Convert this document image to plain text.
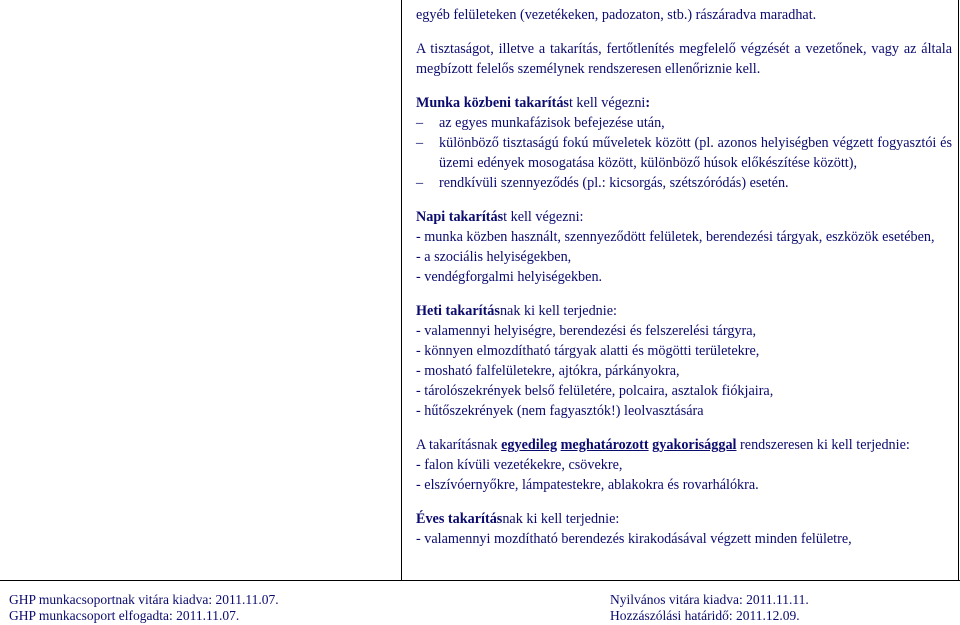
egyéb felületeken (vezetékeken, padozaton, stb.) rászáradva maradhat.

A tisztaságot, illetve a takarítás, fertőtlenítés megfelelő végzését a vezetőnek, vagy az általa megbízott felelős személynek rendszeresen ellenőriznie kell.

Munka közbeni takarítást kell végezni:

–	az egyes munkafázisok befejezése után,
–	különböző tisztaságú fokú műveletek között (pl. azonos helyiségben végzett fogyasztói és üzemi edények mosogatása között, különböző húsok előkészítése között),
–	rendkívüli szennyeződés (pl.: kicsorgás, szétszóródás) esetén.

Napi takarítást kell végezni:

- munka közben használt, szennyeződött felületek, berendezési tárgyak, eszközök esetében,

- a szociális helyiségekben,

- vendégforgalmi helyiségekben.

Heti takarításnak ki kell terjednie:

- valamennyi helyiségre, berendezési és felszerelési tárgyra,

- könnyen elmozdítható tárgyak alatti és mögötti területekre,

- mosható falfelületekre, ajtókra, párkányokra,

- tárolószekrények belső felületére, polcaira, asztalok fiókjaira,

- hűtőszekrények (nem fagyasztók!) leolvasztására

A takarításnak egyedileg meghatározott gyakorisággal rendszeresen ki kell terjednie:

- falon kívüli vezetékekre, csövekre,

- elszívóernyőkre, lámpatestekre, ablakokra és rovarhálókra.

Éves takarításnak ki kell terjednie:

- valamennyi mozdítható berendezés kirakodásával végzett minden felületre,

GHP munkacsoportnak vitára kiadva: 2011.11.07.	Nyilvános vitára kiadva: 2011.11.11.
GHP munkacsoport elfogadta: 2011.11.07.	Hozzászólási határidő: 2011.12.09.
